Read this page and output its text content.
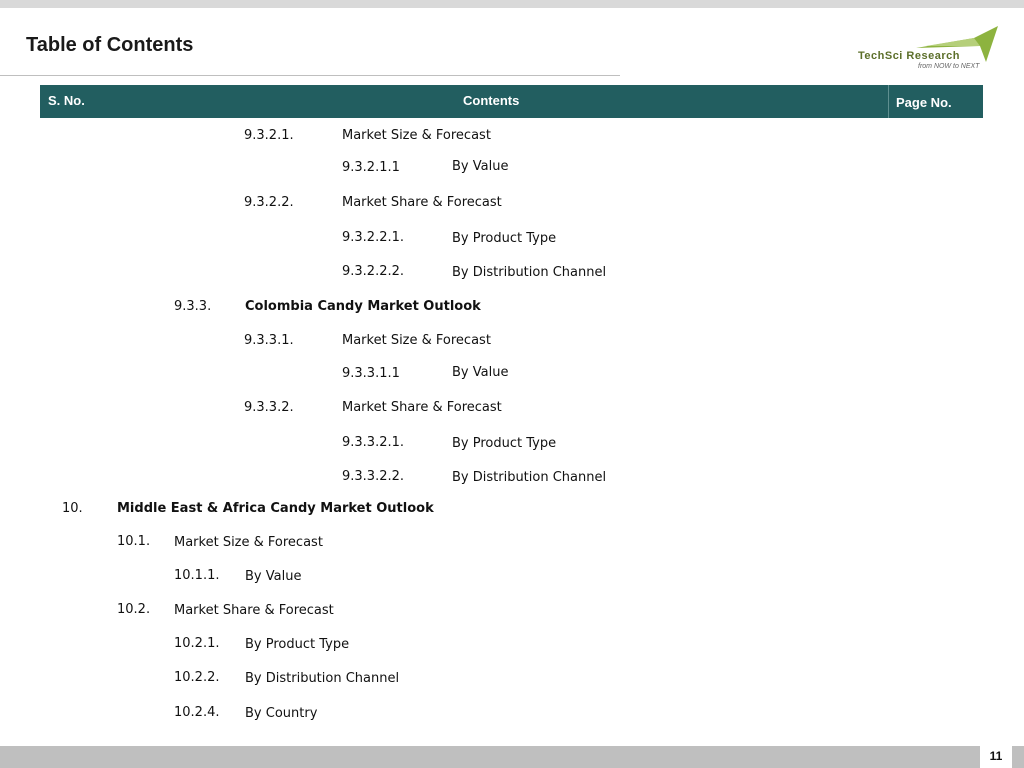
Table of Contents	TechSci Research
from NOW to NEXT
S. No.	Contents	Page No.
9.3.2.1.	Market Size & Forecast
9.3.2.1.1	By Value
9.3.2.2.	Market Share & Forecast
9.3.2.2.1.	By Product Type
9.3.2.2.2.	By Distribution Channel
9.3.3.	Colombia Candy Market Outlook
9.3.3.1.	Market Size & Forecast
9.3.3.1.1	By Value
9.3.3.2.	Market Share & Forecast
9.3.3.2.1.	By Product Type
9.3.3.2.2.	By Distribution Channel
10.	Middle East & Africa Candy Market Outlook
10.1. Market Size & Forecast
10.1.1. By Value
10.2. Market Share & Forecast
10.2.1. By Product Type
10.2.2. By Distribution Channel
10.2.4. By Country
11
